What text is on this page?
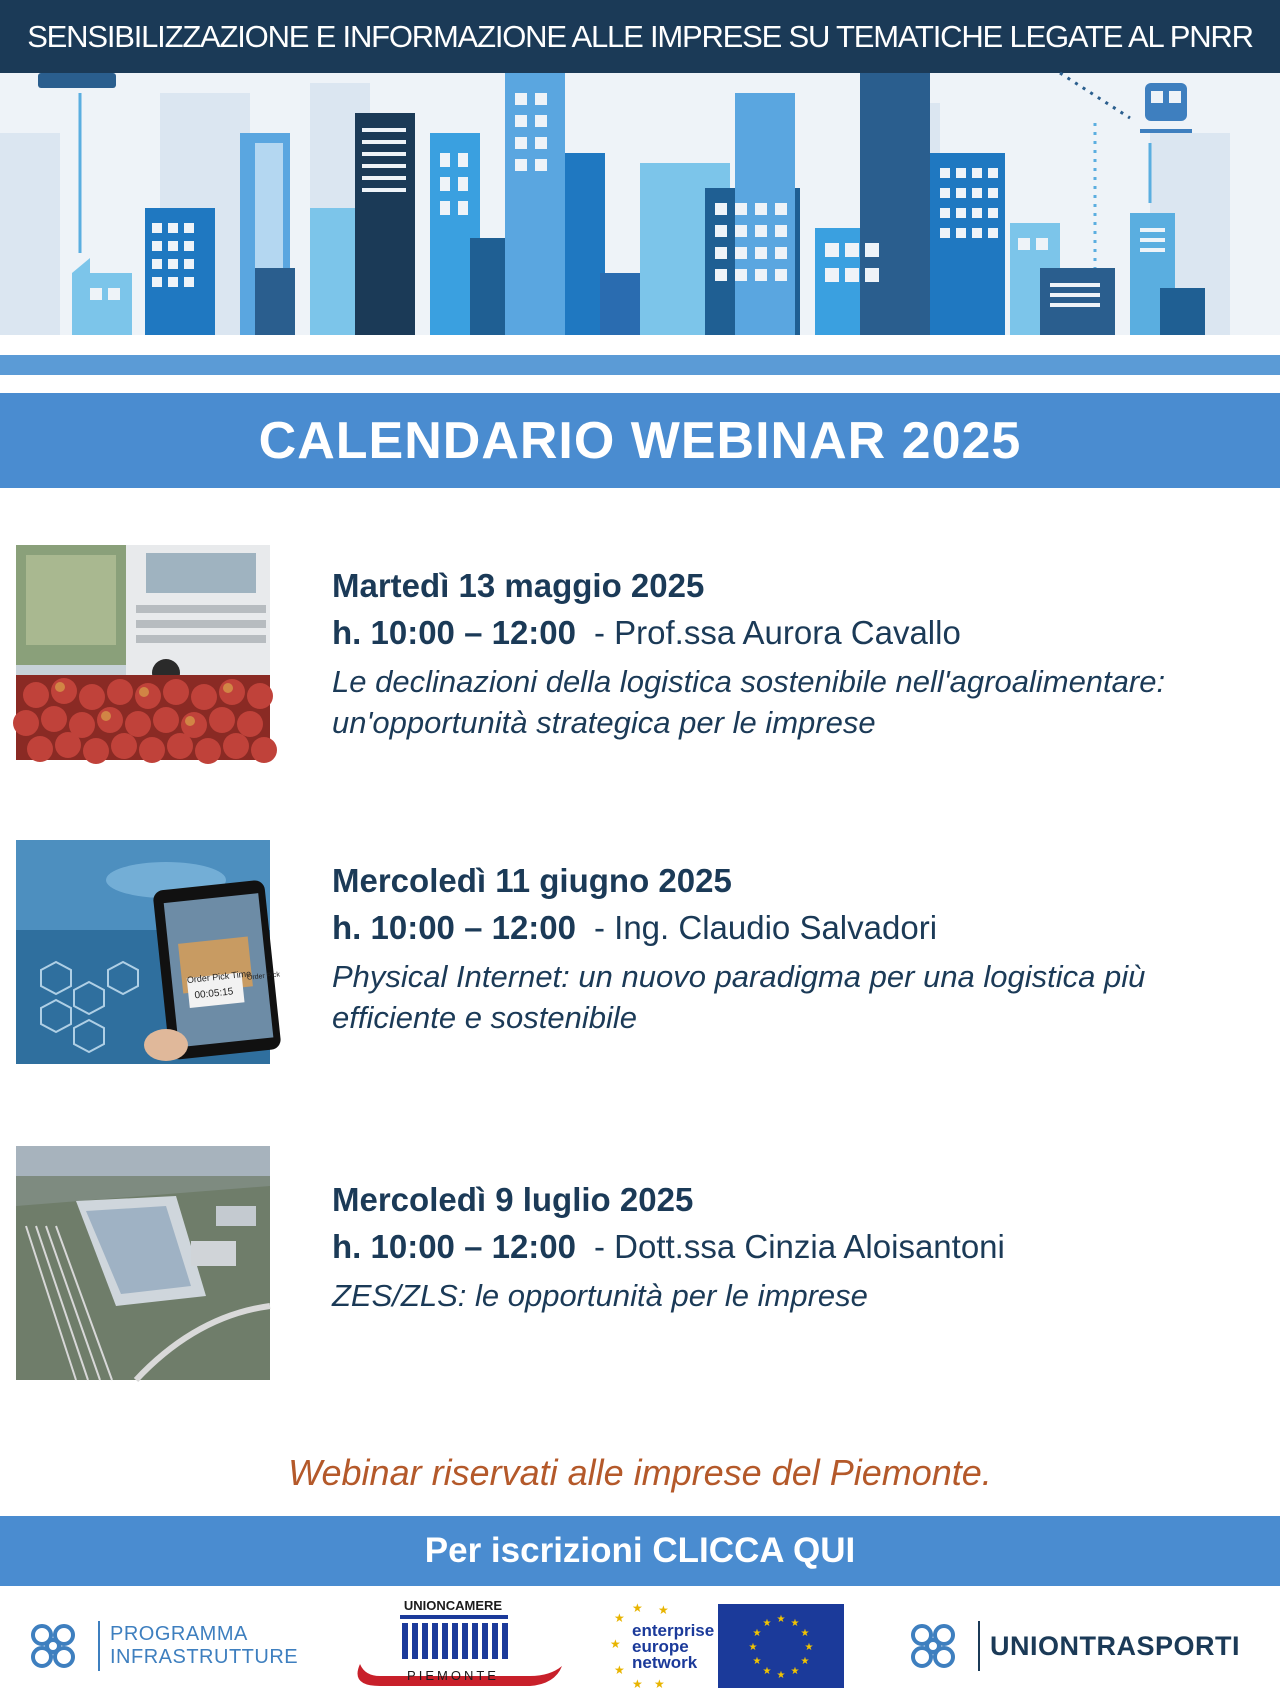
SENSIBILIZZAZIONE E INFORMAZIONE ALLE IMPRESE SU TEMATICHE LEGATE AL PNRR
CALENDARIO WEBINAR 2025
Martedì 13 maggio 2025
h. 10:00 – 12:00 - Prof.ssa Aurora Cavallo
Le declinazioni della logistica sostenibile nell'agroalimentare: un'opportunità strategica per le imprese
Order Pick Time
00:05:15
Order Pick
Mercoledì 11 giugno 2025
h. 10:00 – 12:00 - Ing. Claudio Salvadori
Physical Internet: un nuovo paradigma per una logistica più efficiente e sostenibile
Mercoledì 9 luglio 2025
h. 10:00 – 12:00 - Dott.ssa Cinzia Aloisantoni
ZES/ZLS: le opportunità per le imprese
Webinar riservati alle imprese del Piemonte.
Per iscrizioni CLICCA QUI
PROGRAMMA
INFRASTRUTTURE
UNIONCAMERE
PIEMONTE
★
★
★
★
★ ★
★
enterprise
europe
network
★ ★
★
★
★
★
★
★
★
★
★
★
UNIONTRASPORTI
